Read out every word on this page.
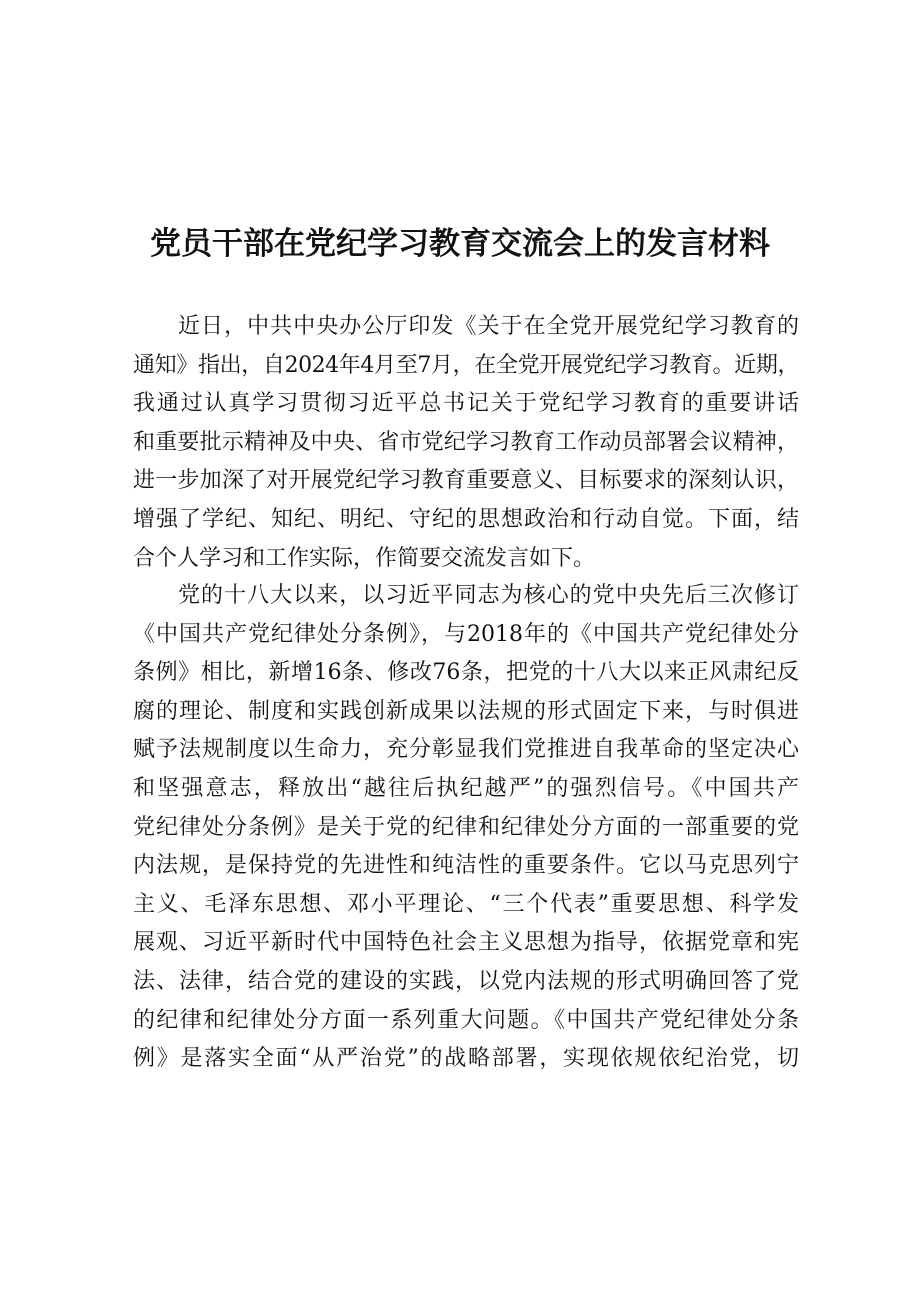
党员干部在党纪学习教育交流会上的发言材料
近日，中共中央办公厅印发《关于在全党开展党纪学习教育的
通知》指出，自2024年4月至7月，在全党开展党纪学习教育。近期，
我通过认真学习贯彻习近平总书记关于党纪学习教育的重要讲话
和重要批示精神及中央、省市党纪学习教育工作动员部署会议精神，
进一步加深了对开展党纪学习教育重要意义、目标要求的深刻认识，
增强了学纪、知纪、明纪、守纪的思想政治和行动自觉。下面，结
合个人学习和工作实际，作简要交流发言如下。
党的十八大以来，以习近平同志为核心的党中央先后三次修订
《中国共产党纪律处分条例》，与2018年的《中国共产党纪律处分
条例》相比，新增16条、修改76条，把党的十八大以来正风肃纪反
腐的理论、制度和实践创新成果以法规的形式固定下来，与时俱进
赋予法规制度以生命力，充分彰显我们党推进自我革命的坚定决心
和坚强意志，释放出“越往后执纪越严”的强烈信号。《中国共产
党纪律处分条例》是关于党的纪律和纪律处分方面的一部重要的党
内法规，是保持党的先进性和纯洁性的重要条件。它以马克思列宁
主义、毛泽东思想、邓小平理论、“三个代表”重要思想、科学发
展观、习近平新时代中国特色社会主义思想为指导，依据党章和宪
法、法律，结合党的建设的实践，以党内法规的形式明确回答了党
的纪律和纪律处分方面一系列重大问题。《中国共产党纪律处分条
例》是落实全面“从严治党”的战略部署，实现依规依纪治党，切
